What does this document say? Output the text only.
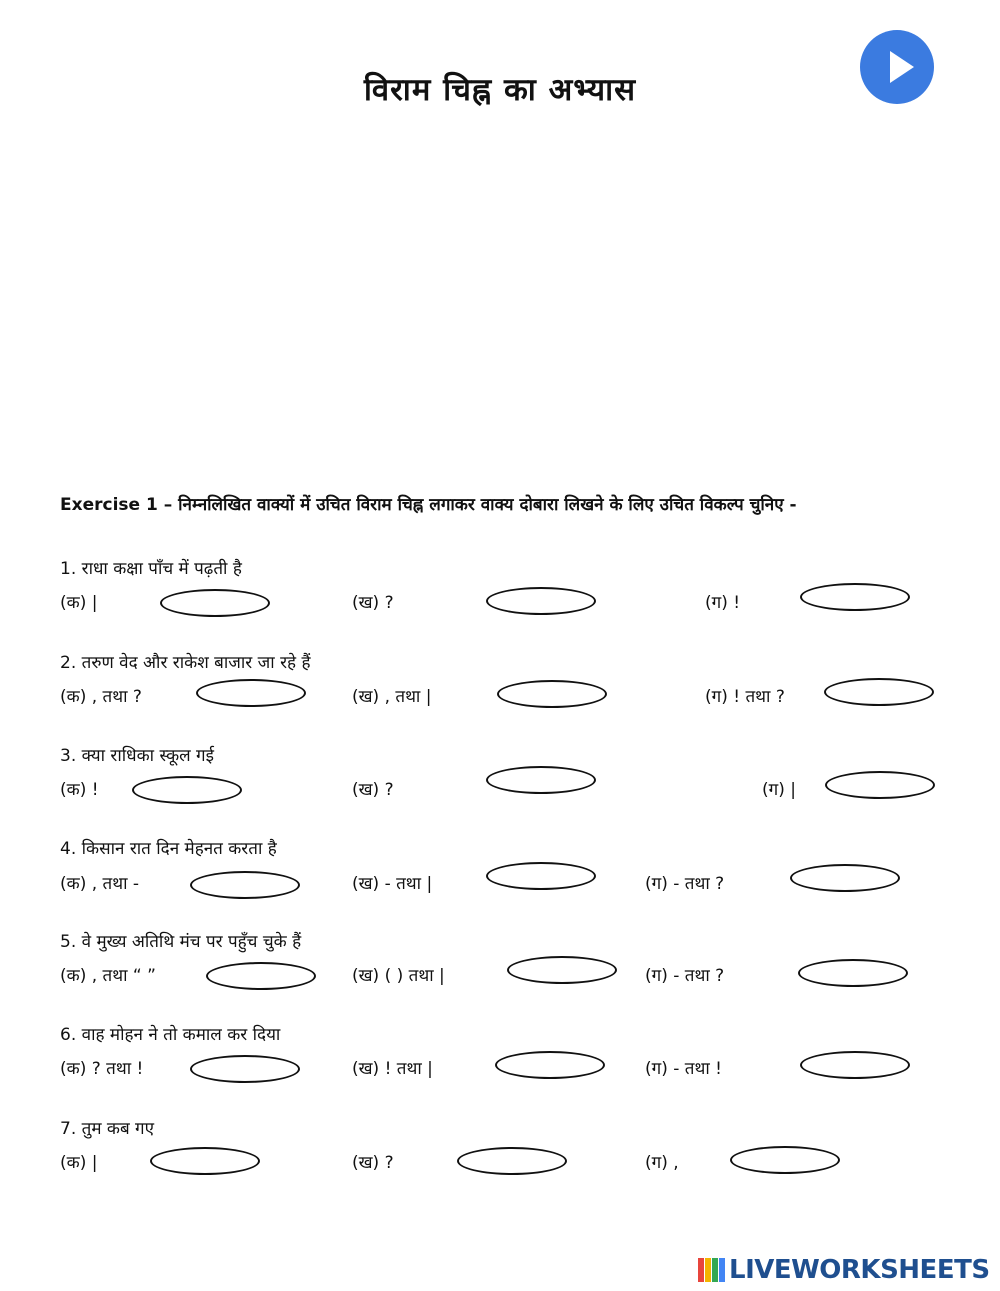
विराम चिह्न का अभ्यास
Exercise 1 – निम्नलिखित वाक्यों में उचित विराम चिह्न लगाकर वाक्य दोबारा लिखने के लिए उचित विकल्प चुनिए -
1. राधा कक्षा पाँच में पढ़ती है
(क) |	(ख) ?	(ग) !
2. तरुण वेद और राकेश बाजार जा रहे हैं
(क) , तथा ?	(ख) , तथा |	(ग) ! तथा ?
3. क्या राधिका स्कूल गई
(क) !	(ख) ?	(ग) |
4. किसान रात दिन मेहनत करता है
(क) , तथा -	(ख) - तथा |	(ग) - तथा ?
5. वे मुख्य अतिथि मंच पर पहुँच चुके हैं
(क) , तथा “ ”	(ख) ( ) तथा |	(ग) - तथा ?
6. वाह मोहन ने तो कमाल कर दिया
(क) ? तथा !	(ख) ! तथा |	(ग) - तथा !
7. तुम कब गए
(क) |	(ख) ?	(ग) ,
LIVEWORKSHEETS
